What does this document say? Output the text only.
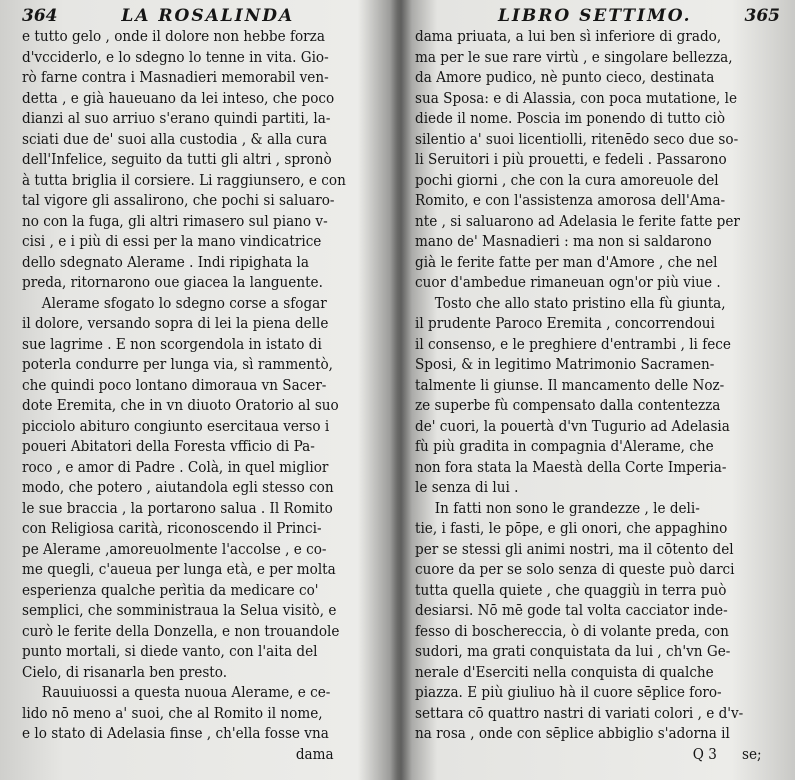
364	LA ROSALINDA
e tutto gelo , onde il dolore non hebbe forza
d'vcciderlo, e lo sdegno lo tenne in vita. Gio-
rò farne contra i Masnadieri memorabil ven-
detta , e già haueuano da lei inteso, che poco
dianzi al suo arriuo s'erano quindi partiti, la-
sciati due de' suoi alla custodia , & alla cura
dell'Infelice, seguito da tutti gli altri , spronò
à tutta briglia il corsiere. Li raggiunsero, e con
tal vigore gli assalirono, che pochi si saluaro-
no con la fuga, gli altri rimasero sul piano v-
cisi , e i più di essi per la mano vindicatrice
dello sdegnato Alerame . Indi ripighata la
preda, ritornarono oue giacea la languente.
Alerame sfogato lo sdegno corse a sfogar
il dolore, versando sopra di lei la piena delle
sue lagrime . E non scorgendola in istato di
poterla condurre per lunga via, sì rammentò,
che quindi poco lontano dimoraua vn Sacer-
dote Eremita, che in vn diuoto Oratorio al suo
picciolo abituro congiunto esercitaua verso i
poueri Abitatori della Foresta vfficio di Pa-
roco , e amor di Padre . Colà, in quel miglior
modo, che potero , aiutandola egli stesso con
le sue braccia , la portarono salua . Il Romito
con Religiosa carità, riconoscendo il Princi-
pe Alerame ,amoreuolmente l'accolse , e co-
me quegli, c'aueua per lunga età, e per molta
esperienza qualche perìtia da medicare co'
semplici, che somministraua la Selua visitò, e
curò le ferite della Donzella, e non trouandole
punto mortali, si diede vanto, con l'aita del
Cielo, di risanarla ben presto.
Rauuiuossi a questa nuoua Alerame, e ce-
lido nō meno a' suoi, che al Romito il nome,
e lo stato di Adelasia finse , ch'ella fosse vna
dama
LIBRO SETTIMO.	365
dama priuata, a lui ben sì inferiore di grado,
ma per le sue rare virtù , e singolare bellezza,
da Amore pudico, nè punto cieco, destinata
sua Sposa: e di Alassia, con poca mutatione, le
diede il nome. Poscia im ponendo di tutto ciò
silentio a' suoi licentiolli, ritenēdo seco due so-
li Seruitori i più prouetti, e fedeli . Passarono
pochi giorni , che con la cura amoreuole del
Romito, e con l'assistenza amorosa dell'Ama-
nte , si saluarono ad Adelasia le ferite fatte per
mano de' Masnadieri : ma non si saldarono
già le ferite fatte per man d'Amore , che nel
cuor d'ambedue rimaneuan ogn'or più viue .
Tosto che allo stato pristino ella fù giunta,
il prudente Paroco Eremita , concorrendoui
il consenso, e le preghiere d'entrambi , li fece
Sposi, & in legitimo Matrimonio Sacramen-
talmente li giunse. Il mancamento delle Noz-
ze superbe fù compensato dalla contentezza
de' cuori, la pouertà d'vn Tugurio ad Adelasia
fù più gradita in compagnia d'Alerame, che
non fora stata la Maestà della Corte Imperia-
le senza di lui .
In fatti non sono le grandezze , le deli-
tie, i fasti, le pōpe, e gli onori, che appaghino
per se stessi gli animi nostri, ma il cōtento del
cuore da per se solo senza di queste può darci
tutta quella quiete , che quaggiù in terra può
desiarsi. Nō mē gode tal volta cacciator inde-
fesso di boschereccia, ò di volante preda, con
sudori, ma grati conquistata da lui , ch'vn Ge-
nerale d'Eserciti nella conquista di qualche
piazza. E più giuliuo hà il cuore sēplice foro-
settara cō quattro nastri di variati colori , e d'v-
na rosa , onde con sēplice abbiglio s'adorna il
Q 3 se;
